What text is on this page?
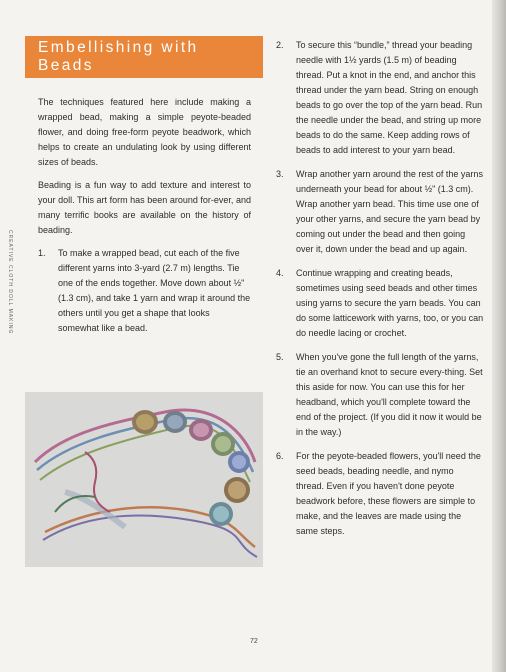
Embellishing with Beads
CREATIVE CLOTH DOLL MAKING

The techniques featured here include making a wrapped bead, making a simple peyote-beaded flower, and doing free-form peyote beadwork, which helps to create an undulating look by using different sizes of beads.

Beading is a fun way to add texture and interest to your doll. This art form has been around for-ever, and many terrific books are available on the history of beading.

1.	To make a wrapped bead, cut each of the five different yarns into 3-yard (2.7 m) lengths. Tie one of the ends together. Move down about ½" (1.3 cm), and take 1 yarn and wrap it around the others until you get a shape that looks somewhat like a bead.
2.	To secure this “bundle,” thread your beading needle with 1½ yards (1.5 m) of beading thread. Put a knot in the end, and anchor this thread under the yarn bead. String on enough beads to go over the top of the yarn bead. Run the needle under the bead, and string up more beads to do the same. Keep adding rows of beads to add interest to your yarn bead.
3.	Wrap another yarn around the rest of the yarns underneath your bead for about ½" (1.3 cm). Wrap another yarn bead. This time use one of your other yarns, and secure the yarn bead by coming out under the bead and then going over it, down under the bead and up again.
4.	Continue wrapping and creating beads, sometimes using seed beads and other times using yarns to secure the yarn beads. You can do some latticework with yarns, too, or you can do needle lacing or crochet.
5.	When you've gone the full length of the yarns, tie an overhand knot to secure every-thing. Set this aside for now. You can use this for her headband, which you'll complete toward the end of the project. (If you did it now it would be in the way.)
6.	For the peyote-beaded flowers, you'll need the seed beads, beading needle, and nymo thread. Even if you haven't done peyote beadwork before, these flowers are simple to make, and the leaves are made using the same steps.
72
